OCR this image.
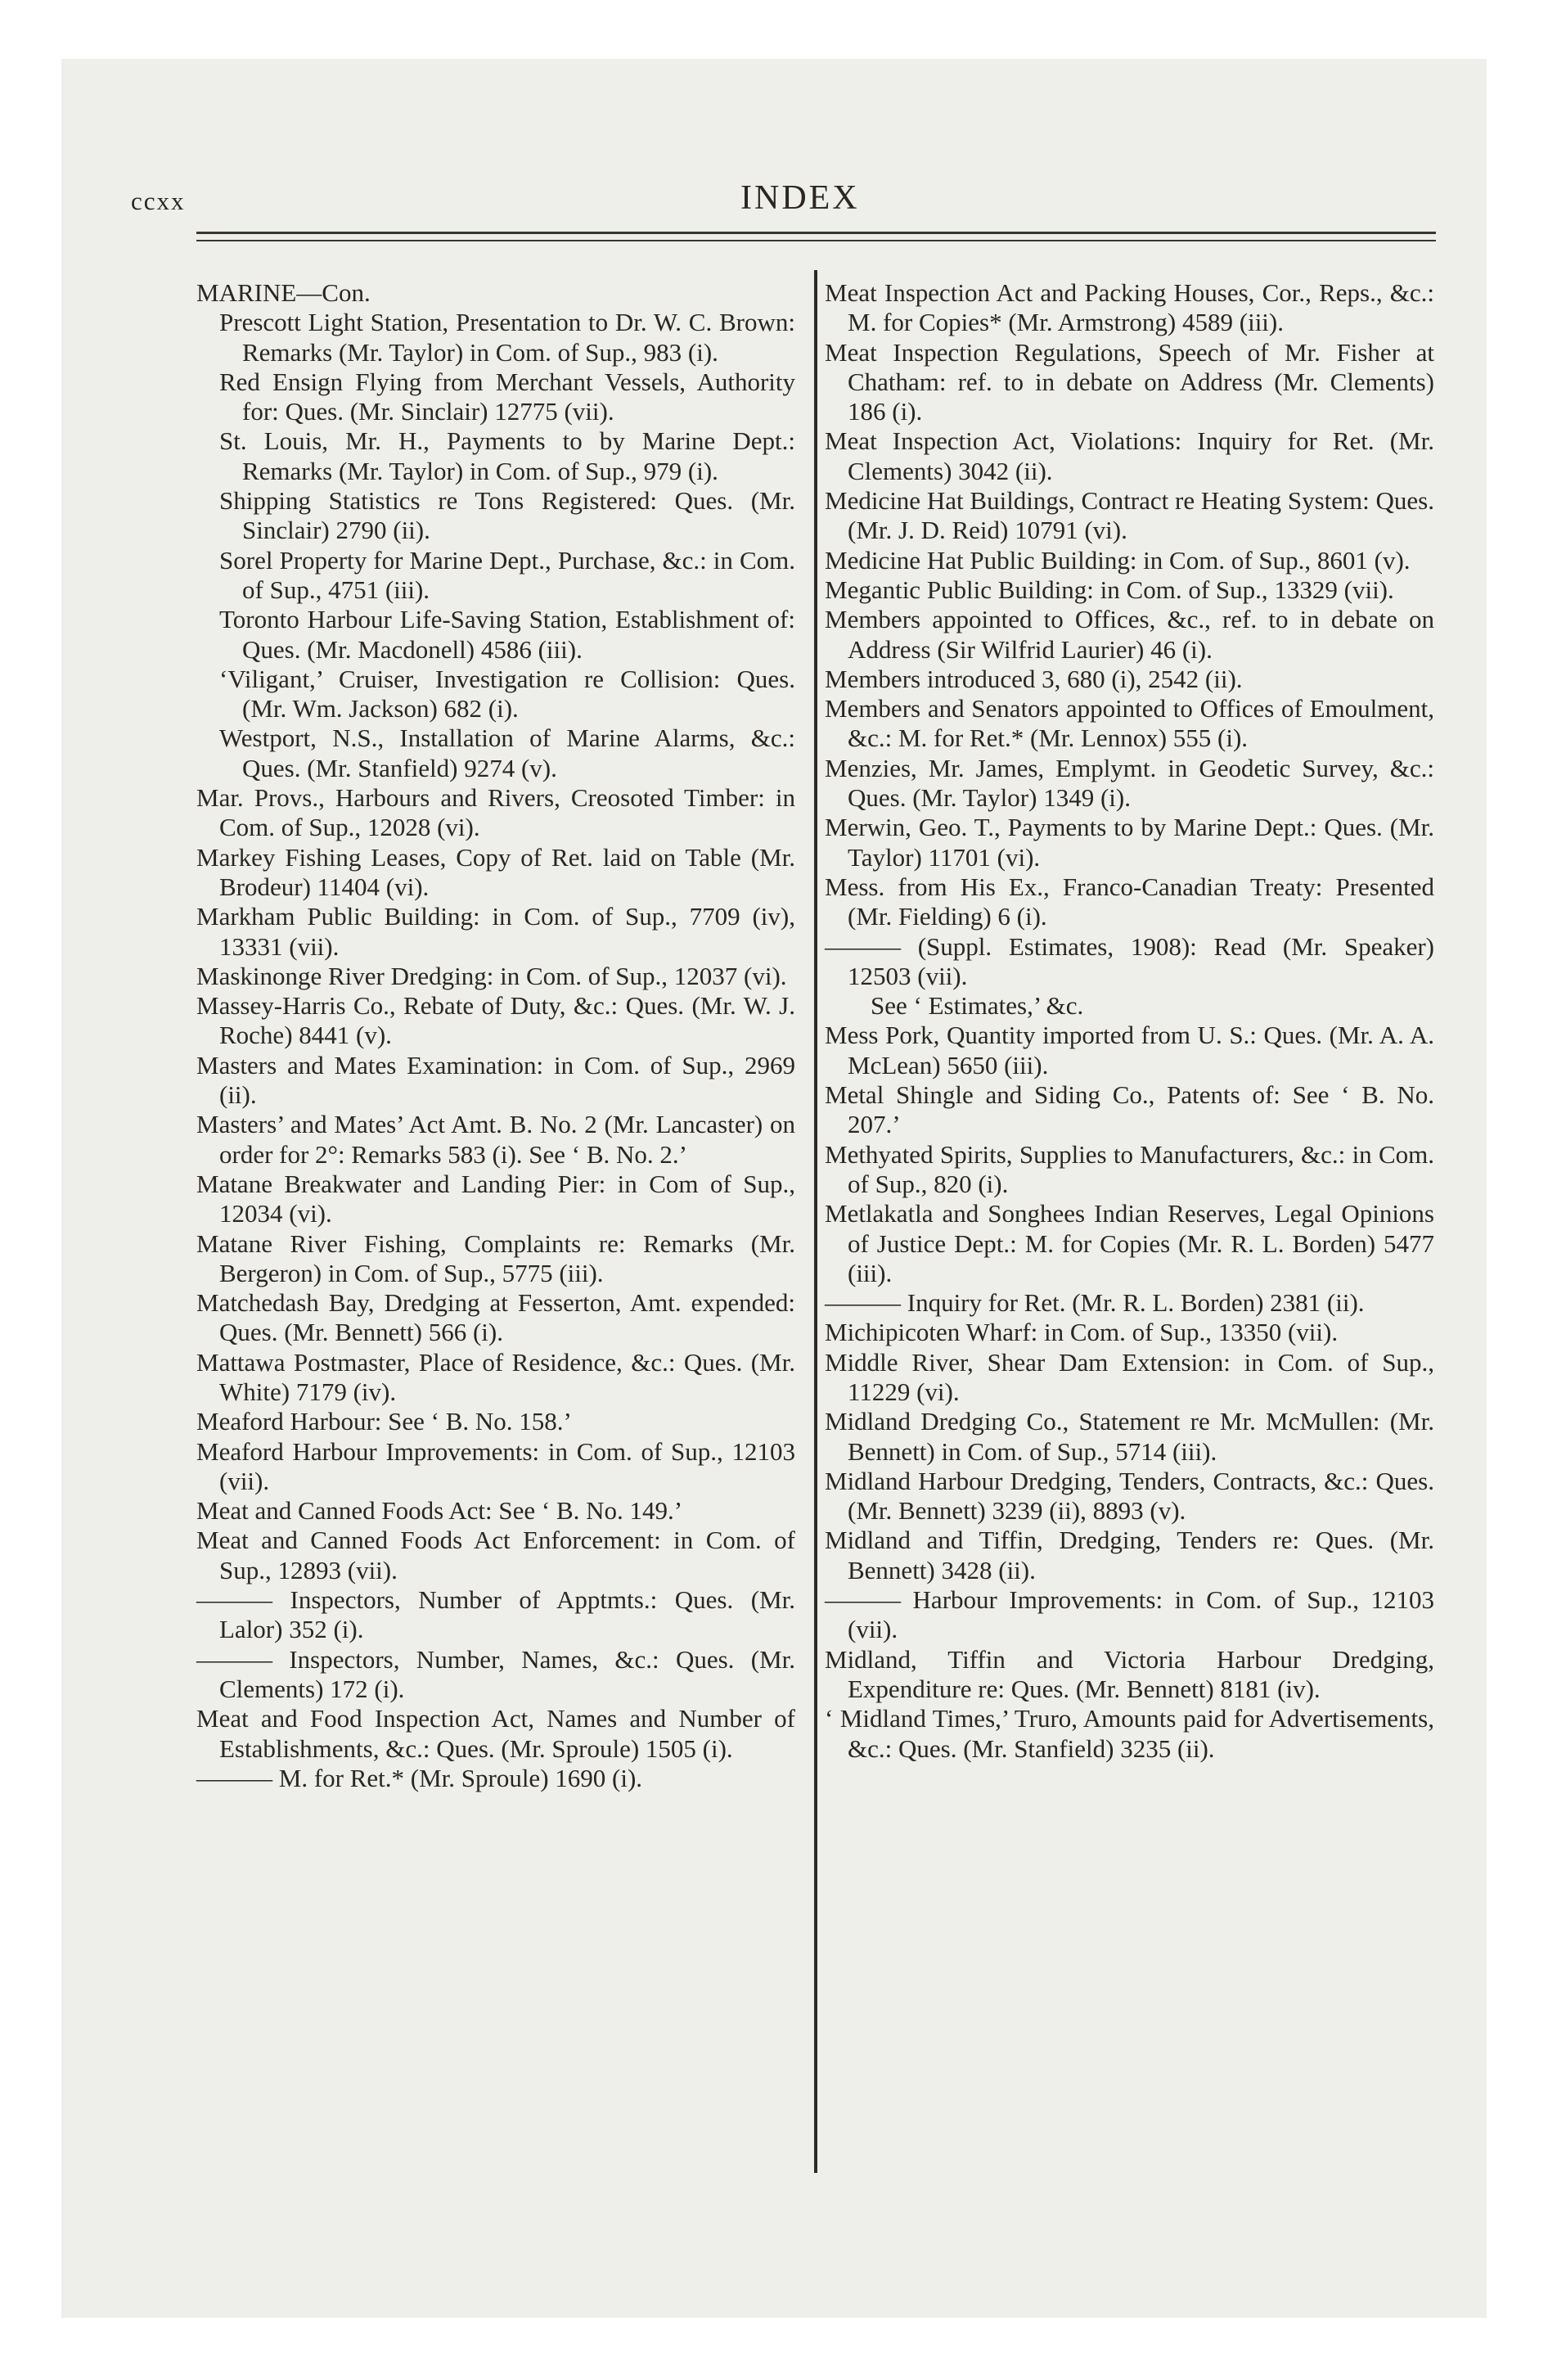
ccxx	INDEX

MARINE—Con.

Prescott Light Station, Presentation to Dr. W. C. Brown: Remarks (Mr. Taylor) in Com. of Sup., 983 (i).

Red Ensign Flying from Merchant Vessels, Authority for: Ques. (Mr. Sinclair) 12775 (vii).

St. Louis, Mr. H., Payments to by Marine Dept.: Remarks (Mr. Taylor) in Com. of Sup., 979 (i).

Shipping Statistics re Tons Registered: Ques. (Mr. Sinclair) 2790 (ii).

Sorel Property for Marine Dept., Purchase, &c.: in Com. of Sup., 4751 (iii).

Toronto Harbour Life-Saving Station, Establishment of: Ques. (Mr. Macdonell) 4586 (iii).

‘Viligant,’ Cruiser, Investigation re Collision: Ques. (Mr. Wm. Jackson) 682 (i).

Westport, N.S., Installation of Marine Alarms, &c.: Ques. (Mr. Stanfield) 9274 (v).

Mar. Provs., Harbours and Rivers, Creosoted Timber: in Com. of Sup., 12028 (vi).

Markey Fishing Leases, Copy of Ret. laid on Table (Mr. Brodeur) 11404 (vi).

Markham Public Building: in Com. of Sup., 7709 (iv), 13331 (vii).

Maskinonge River Dredging: in Com. of Sup., 12037 (vi).

Massey-Harris Co., Rebate of Duty, &c.: Ques. (Mr. W. J. Roche) 8441 (v).

Masters and Mates Examination: in Com. of Sup., 2969 (ii).

Masters’ and Mates’ Act Amt. B. No. 2 (Mr. Lancaster) on order for 2°: Remarks 583 (i). See ‘ B. No. 2.’

Matane Breakwater and Landing Pier: in Com of Sup., 12034 (vi).

Matane River Fishing, Complaints re: Remarks (Mr. Bergeron) in Com. of Sup., 5775 (iii).

Matchedash Bay, Dredging at Fesserton, Amt. expended: Ques. (Mr. Bennett) 566 (i).

Mattawa Postmaster, Place of Residence, &c.: Ques. (Mr. White) 7179 (iv).

Meaford Harbour: See ‘ B. No. 158.’

Meaford Harbour Improvements: in Com. of Sup., 12103 (vii).

Meat and Canned Foods Act: See ‘ B. No. 149.’

Meat and Canned Foods Act Enforcement: in Com. of Sup., 12893 (vii).

——— Inspectors, Number of Apptmts.: Ques. (Mr. Lalor) 352 (i).

——— Inspectors, Number, Names, &c.: Ques. (Mr. Clements) 172 (i).

Meat and Food Inspection Act, Names and Number of Establishments, &c.: Ques. (Mr. Sproule) 1505 (i).

——— M. for Ret.* (Mr. Sproule) 1690 (i).

Meat Inspection Act and Packing Houses, Cor., Reps., &c.: M. for Copies* (Mr. Armstrong) 4589 (iii).

Meat Inspection Regulations, Speech of Mr. Fisher at Chatham: ref. to in debate on Address (Mr. Clements) 186 (i).

Meat Inspection Act, Violations: Inquiry for Ret. (Mr. Clements) 3042 (ii).

Medicine Hat Buildings, Contract re Heating System: Ques. (Mr. J. D. Reid) 10791 (vi).

Medicine Hat Public Building: in Com. of Sup., 8601 (v).

Megantic Public Building: in Com. of Sup., 13329 (vii).

Members appointed to Offices, &c., ref. to in debate on Address (Sir Wilfrid Laurier) 46 (i).

Members introduced 3, 680 (i), 2542 (ii).

Members and Senators appointed to Offices of Emoulment, &c.: M. for Ret.* (Mr. Lennox) 555 (i).

Menzies, Mr. James, Emplymt. in Geodetic Survey, &c.: Ques. (Mr. Taylor) 1349 (i).

Merwin, Geo. T., Payments to by Marine Dept.: Ques. (Mr. Taylor) 11701 (vi).

Mess. from His Ex., Franco-Canadian Treaty: Presented (Mr. Fielding) 6 (i).

——— (Suppl. Estimates, 1908): Read (Mr. Speaker) 12503 (vii).

See ‘ Estimates,’ &c.

Mess Pork, Quantity imported from U. S.: Ques. (Mr. A. A. McLean) 5650 (iii).

Metal Shingle and Siding Co., Patents of: See ‘ B. No. 207.’

Methyated Spirits, Supplies to Manufacturers, &c.: in Com. of Sup., 820 (i).

Metlakatla and Songhees Indian Reserves, Legal Opinions of Justice Dept.: M. for Copies (Mr. R. L. Borden) 5477 (iii).

——— Inquiry for Ret. (Mr. R. L. Borden) 2381 (ii).

Michipicoten Wharf: in Com. of Sup., 13350 (vii).

Middle River, Shear Dam Extension: in Com. of Sup., 11229 (vi).

Midland Dredging Co., Statement re Mr. McMullen: (Mr. Bennett) in Com. of Sup., 5714 (iii).

Midland Harbour Dredging, Tenders, Contracts, &c.: Ques. (Mr. Bennett) 3239 (ii), 8893 (v).

Midland and Tiffin, Dredging, Tenders re: Ques. (Mr. Bennett) 3428 (ii).

——— Harbour Improvements: in Com. of Sup., 12103 (vii).

Midland, Tiffin and Victoria Harbour Dredging, Expenditure re: Ques. (Mr. Bennett) 8181 (iv).

‘ Midland Times,’ Truro, Amounts paid for Advertisements, &c.: Ques. (Mr. Stanfield) 3235 (ii).
